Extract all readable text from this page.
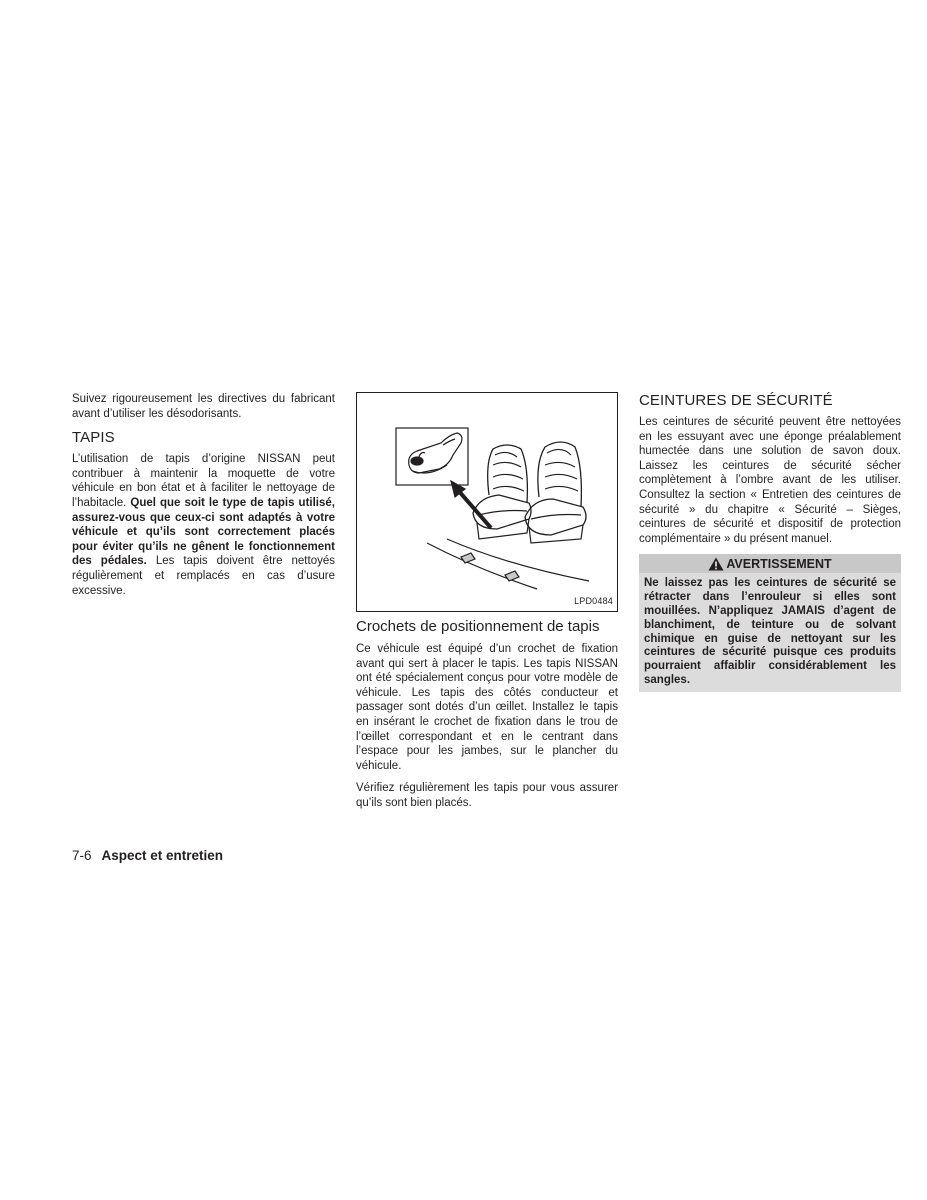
Suivez rigoureusement les directives du fabricant avant d’utiliser les désodorisants.

TAPIS

L’utilisation de tapis d’origine NISSAN peut contribuer à maintenir la moquette de votre véhicule en bon état et à faciliter le nettoyage de l’habitacle. Quel que soit le type de tapis utilisé, assurez-vous que ceux-ci sont adaptés à votre véhicule et qu’ils sont correctement placés pour éviter qu’ils ne gênent le fonctionnement des pédales. Les tapis doivent être nettoyés régulièrement et remplacés en cas d’usure excessive.

LPD0484
Crochets de positionnement de tapis

Ce véhicule est équipé d’un crochet de fixation avant qui sert à placer le tapis. Les tapis NISSAN ont été spécialement conçus pour votre modèle de véhicule. Les tapis des côtés conducteur et passager sont dotés d’un œillet. Installez le tapis en insérant le crochet de fixation dans le trou de l’œillet correspondant et en le centrant dans l’espace pour les jambes, sur le plancher du véhicule.

Vérifiez régulièrement les tapis pour vous assurer qu’ils sont bien placés.

CEINTURES DE SÉCURITÉ

Les ceintures de sécurité peuvent être nettoyées en les essuyant avec une éponge préalablement humectée dans une solution de savon doux. Laissez les ceintures de sécurité sécher complètement à l’ombre avant de les utiliser. Consultez la section « Entretien des ceintures de sécurité » du chapitre « Sécurité – Sièges, ceintures de sécurité et dispositif de protection complémentaire » du présent manuel.

AVERTISSEMENT
Ne laissez pas les ceintures de sécurité se rétracter dans l’enrouleur si elles sont mouillées. N’appliquez JAMAIS d’agent de blanchiment, de teinture ou de solvant chimique en guise de nettoyant sur les ceintures de sécurité puisque ces produits pourraient affaiblir considérablement les sangles.
7-6 Aspect et entretien
